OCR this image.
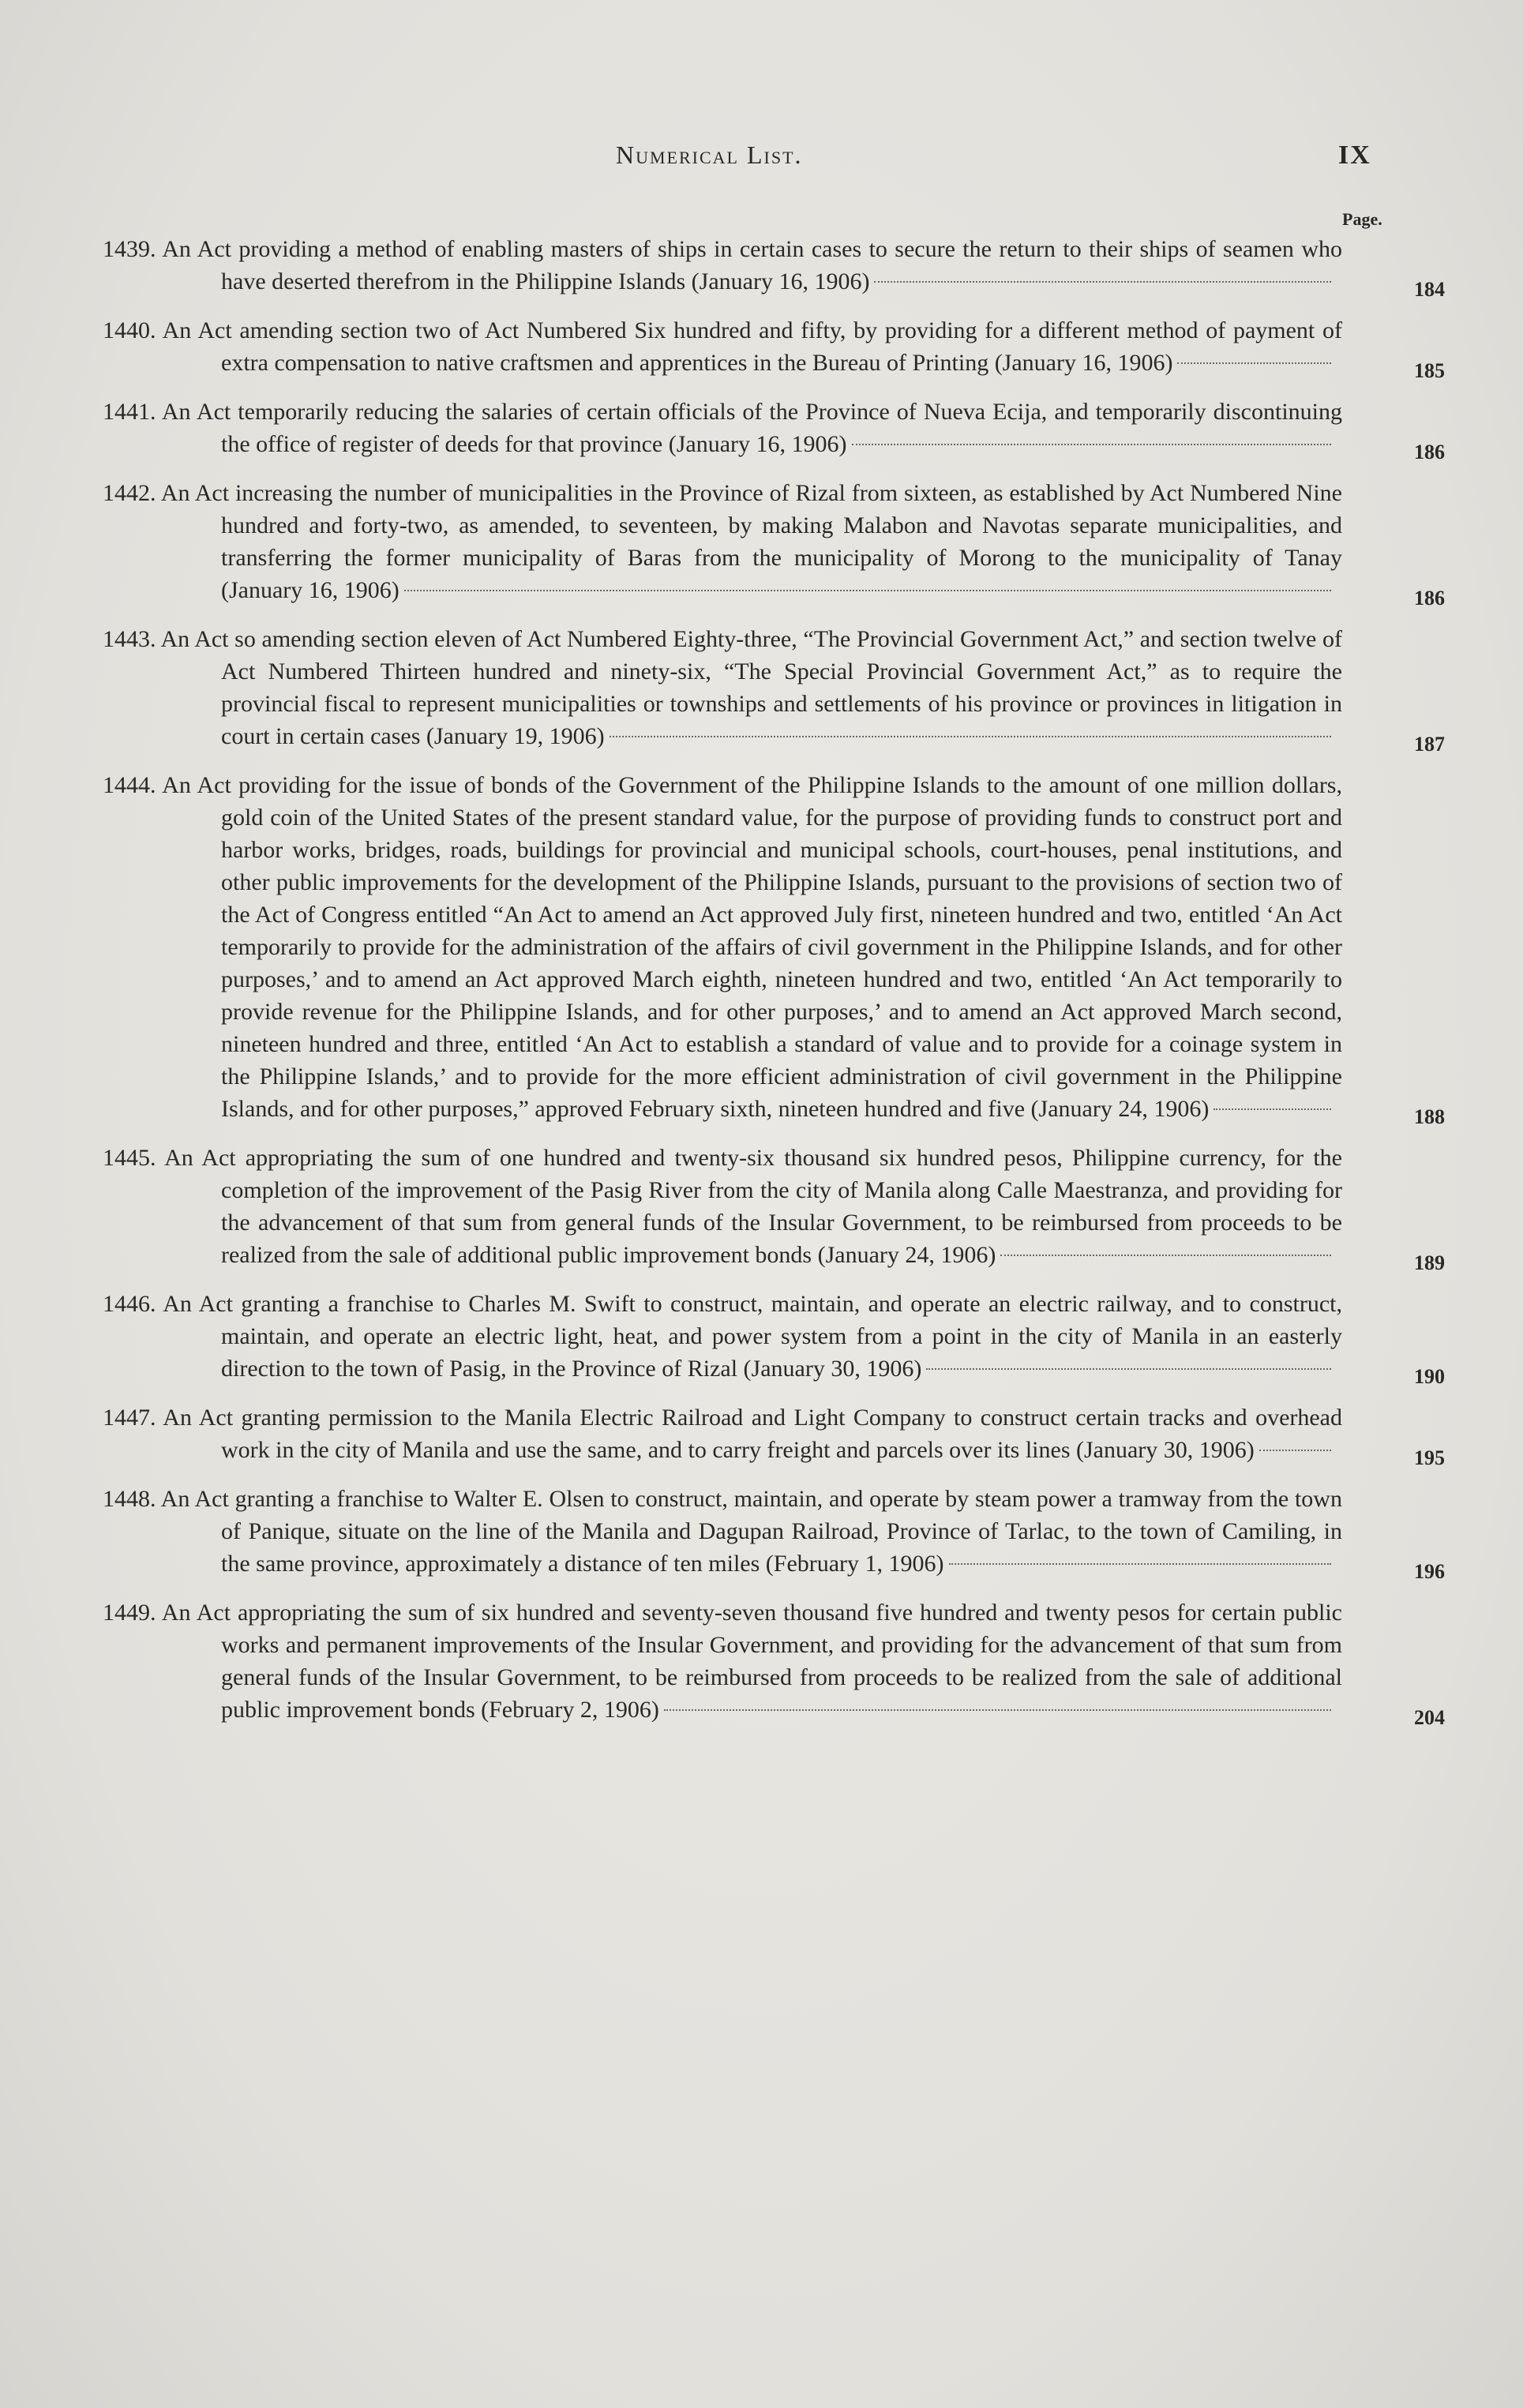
Numerical List.	IX
Page.
1439. An Act providing a method of enabling masters of ships in certain cases to secure the return to their ships of seamen who have deserted therefrom in the Philippine Islands (January 16, 1906)	184
1440. An Act amending section two of Act Numbered Six hundred and fifty, by providing for a different method of payment of extra compensation to native craftsmen and apprentices in the Bureau of Printing (January 16, 1906)	185
1441. An Act temporarily reducing the salaries of certain officials of the Province of Nueva Ecija, and temporarily discontinuing the office of register of deeds for that province (January 16, 1906)	186
1442. An Act increasing the number of municipalities in the Province of Rizal from sixteen, as established by Act Numbered Nine hundred and forty-two, as amended, to seventeen, by making Malabon and Navotas separate municipalities, and transferring the former municipality of Baras from the municipality of Morong to the municipality of Tanay (January 16, 1906)	186
1443. An Act so amending section eleven of Act Numbered Eighty-three, “The Provincial Government Act,” and section twelve of Act Numbered Thirteen hundred and ninety-six, “The Special Provincial Government Act,” as to require the provincial fiscal to represent municipalities or townships and settlements of his province or provinces in litigation in court in certain cases (January 19, 1906)	187
1444. An Act providing for the issue of bonds of the Government of the Philippine Islands to the amount of one million dollars, gold coin of the United States of the present standard value, for the purpose of providing funds to construct port and harbor works, bridges, roads, buildings for provincial and municipal schools, court-houses, penal institutions, and other public improvements for the development of the Philippine Islands, pursuant to the provisions of section two of the Act of Congress entitled “An Act to amend an Act approved July first, nineteen hundred and two, entitled ‘An Act temporarily to provide for the administration of the affairs of civil government in the Philippine Islands, and for other purposes,’ and to amend an Act approved March eighth, nineteen hundred and two, entitled ‘An Act temporarily to provide revenue for the Philippine Islands, and for other purposes,’ and to amend an Act approved March second, nineteen hundred and three, entitled ‘An Act to establish a standard of value and to provide for a coinage system in the Philippine Islands,’ and to provide for the more efficient administration of civil government in the Philippine Islands, and for other purposes,” approved February sixth, nineteen hundred and five (January 24, 1906)	188
1445. An Act appropriating the sum of one hundred and twenty-six thousand six hundred pesos, Philippine currency, for the completion of the improvement of the Pasig River from the city of Manila along Calle Maestranza, and providing for the advancement of that sum from general funds of the Insular Government, to be reimbursed from proceeds to be realized from the sale of additional public improvement bonds (January 24, 1906)	189
1446. An Act granting a franchise to Charles M. Swift to construct, maintain, and operate an electric railway, and to construct, maintain, and operate an electric light, heat, and power system from a point in the city of Manila in an easterly direction to the town of Pasig, in the Province of Rizal (January 30, 1906)	190
1447. An Act granting permission to the Manila Electric Railroad and Light Company to construct certain tracks and overhead work in the city of Manila and use the same, and to carry freight and parcels over its lines (January 30, 1906)	195
1448. An Act granting a franchise to Walter E. Olsen to construct, maintain, and operate by steam power a tramway from the town of Panique, situate on the line of the Manila and Dagupan Railroad, Province of Tarlac, to the town of Camiling, in the same province, approximately a distance of ten miles (February 1, 1906)	196
1449. An Act appropriating the sum of six hundred and seventy-seven thousand five hundred and twenty pesos for certain public works and permanent improvements of the Insular Government, and providing for the advancement of that sum from general funds of the Insular Government, to be reimbursed from proceeds to be realized from the sale of additional public improvement bonds (February 2, 1906)	204
